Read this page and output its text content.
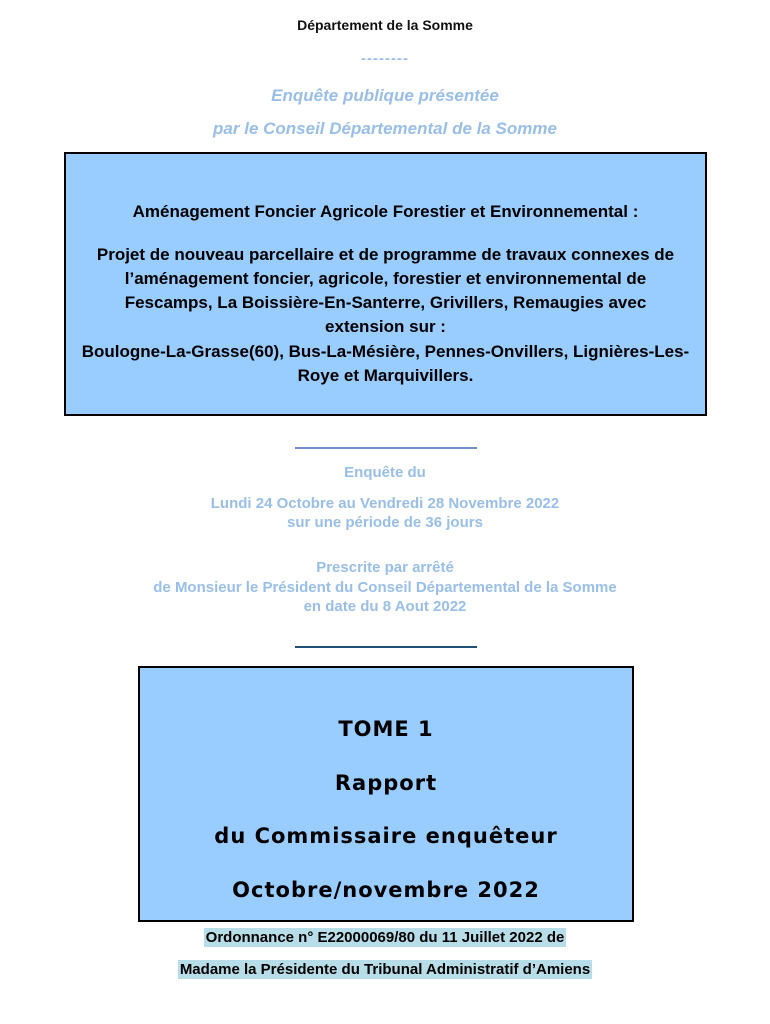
Département de la Somme
--------
Enquête publique présentée
par le Conseil Départemental de la Somme
Aménagement Foncier Agricole Forestier et Environnemental :
Projet de nouveau parcellaire et de programme de travaux connexes de l’aménagement foncier, agricole, forestier et environnemental de Fescamps, La Boissière-En-Santerre, Grivillers, Remaugies avec extension sur :
Boulogne-La-Grasse(60), Bus-La-Mésière, Pennes-Onvillers, Lignières-Les-Roye et Marquivillers.
Enquête du
Lundi 24 Octobre au Vendredi 28 Novembre 2022
sur une période de 36 jours
Prescrite par arrêté
de Monsieur le Président du Conseil Départemental de la Somme
en date du 8 Aout 2022
TOME 1
Rapport
du Commissaire enquêteur
Octobre/novembre 2022
Ordonnance n° E22000069/80 du 11 Juillet 2022 de
Madame la Présidente du Tribunal Administratif d’Amiens
